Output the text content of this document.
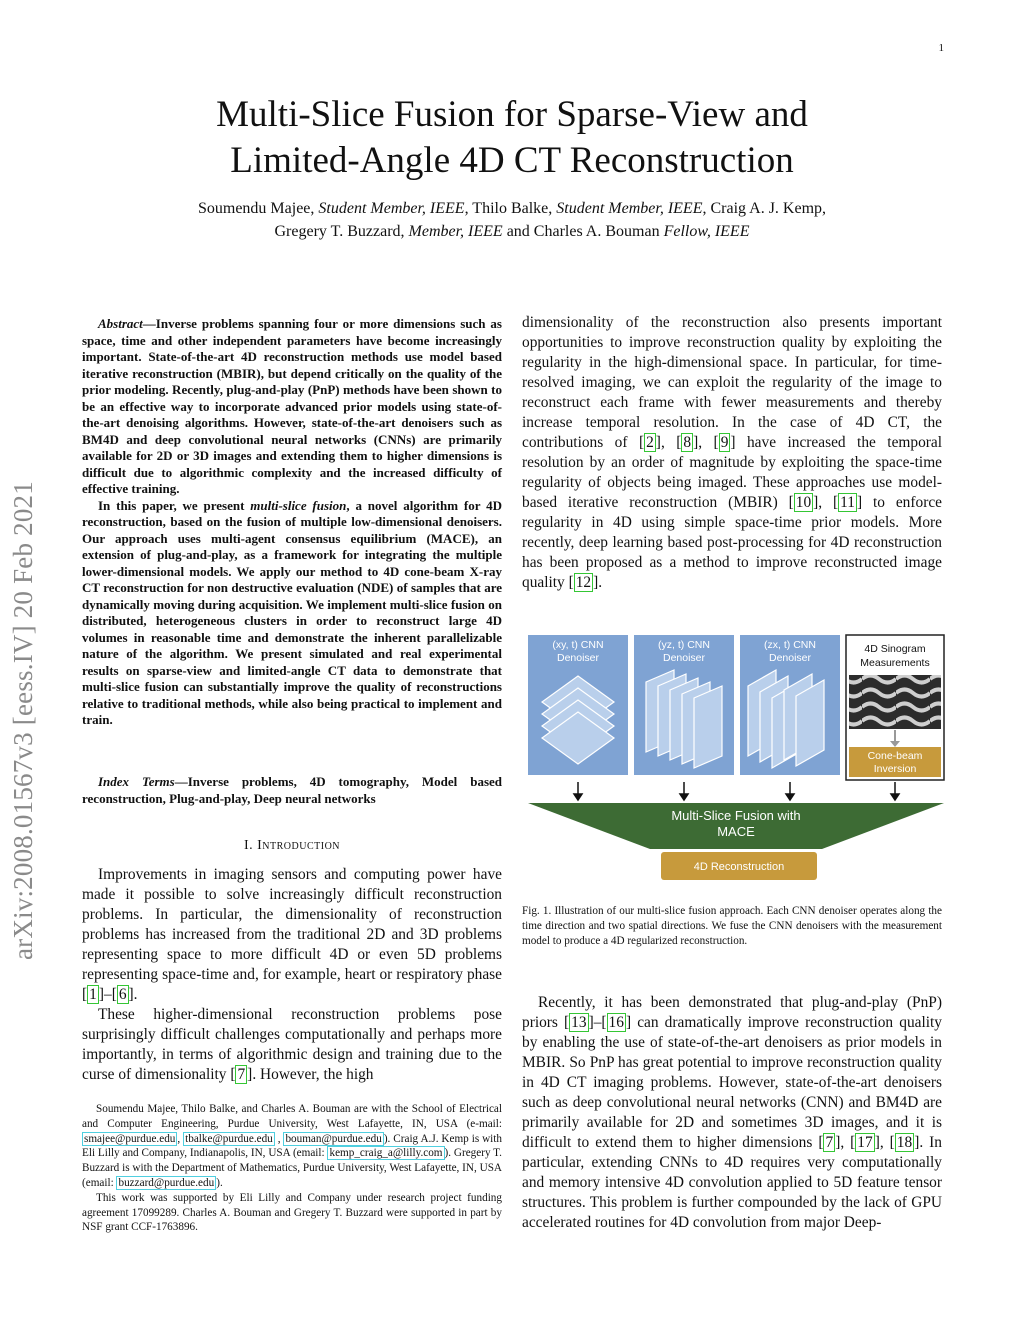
1
arXiv:2008.01567v3 [eess.IV] 20 Feb 2021
Multi-Slice Fusion for Sparse-View and
Limited-Angle 4D CT Reconstruction
Soumendu Majee, Student Member, IEEE, Thilo Balke, Student Member, IEEE, Craig A. J. Kemp,
Gregery T. Buzzard, Member, IEEE and Charles A. Bouman Fellow, IEEE

Abstract—Inverse problems spanning four or more dimensions such as space, time and other independent parameters have become increasingly important. State-of-the-art 4D reconstruction methods use model based iterative reconstruction (MBIR), but depend critically on the quality of the prior modeling. Recently, plug-and-play (PnP) methods have been shown to be an effective way to incorporate advanced prior models using state-of-the-art denoising algorithms. However, state-of-the-art denoisers such as BM4D and deep convolutional neural networks (CNNs) are primarily available for 2D or 3D images and extending them to higher dimensions is difficult due to algorithmic complexity and the increased difficulty of effective training.

In this paper, we present multi-slice fusion, a novel algorithm for 4D reconstruction, based on the fusion of multiple low-dimensional denoisers. Our approach uses multi-agent consensus equilibrium (MACE), an extension of plug-and-play, as a framework for integrating the multiple lower-dimensional models. We apply our method to 4D cone-beam X-ray CT reconstruction for non destructive evaluation (NDE) of samples that are dynamically moving during acquisition. We implement multi-slice fusion on distributed, heterogeneous clusters in order to reconstruct large 4D volumes in reasonable time and demonstrate the inherent parallelizable nature of the algorithm. We present simulated and real experimental results on sparse-view and limited-angle CT data to demonstrate that multi-slice fusion can substantially improve the quality of reconstructions relative to traditional methods, while also being practical to implement and train.

Index Terms—Inverse problems, 4D tomography, Model based reconstruction, Plug-and-play, Deep neural networks
I. Introduction

Improvements in imaging sensors and computing power have made it possible to solve increasingly difficult reconstruction problems. In particular, the dimensionality of reconstruction problems has increased from the traditional 2D and 3D problems representing space to more difficult 4D or even 5D problems representing space-time and, for example, heart or respiratory phase [ 1 ]–[ 6 ].

These higher-dimensional reconstruction problems pose surprisingly difficult challenges computationally and perhaps more importantly, in terms of algorithmic design and training due to the curse of dimensionality [ 7 ]. However, the high

Soumendu Majee, Thilo Balke, and Charles A. Bouman are with the School of Electrical and Computer Engineering, Purdue University, West Lafayette, IN, USA (e-mail: smajee@purdue.edu , tbalke@purdue.edu , bouman@purdue.edu ). Craig A.J. Kemp is with Eli Lilly and Company, Indianapolis, IN, USA (email: kemp_craig_a@lilly.com ). Gregery T. Buzzard is with the Department of Mathematics, Purdue University, West Lafayette, IN, USA (email: buzzard@purdue.edu ).

This work was supported by Eli Lilly and Company under research project funding agreement 17099289. Charles A. Bouman and Gregery T. Buzzard were supported in part by NSF grant CCF-1763896.

dimensionality of the reconstruction also presents important opportunities to improve reconstruction quality by exploiting the regularity in the high-dimensional space. In particular, for time-resolved imaging, we can exploit the regularity of the image to reconstruct each frame with fewer measurements and thereby increase temporal resolution. In the case of 4D CT, the contributions of [ 2 ], [ 8 ], [ 9 ] have increased the temporal resolution by an order of magnitude by exploiting the space-time regularity of objects being imaged. These approaches use model-based iterative reconstruction (MBIR) [ 10 ], [ 11 ] to enforce regularity in 4D using simple space-time prior models. More recently, deep learning based post-processing for 4D reconstruction has been proposed as a method to improve reconstructed image quality [ 12 ].
(xy, t) CNN
Denoiser
(yz, t) CNN
Denoiser
(zx, t) CNN
Denoiser
4D Sinogram
Measurements
Cone-beam
Inversion
Multi-Slice Fusion with
MACE
4D Reconstruction
Fig. 1. Illustration of our multi-slice fusion approach. Each CNN denoiser operates along the time direction and two spatial directions. We fuse the CNN denoisers with the measurement model to produce a 4D regularized reconstruction.

Recently, it has been demonstrated that plug-and-play (PnP) priors [ 13 ]–[ 16 ] can dramatically improve reconstruction quality by enabling the use of state-of-the-art denoisers as prior models in MBIR. So PnP has great potential to improve reconstruction quality in 4D CT imaging problems. However, state-of-the-art denoisers such as deep convolutional neural networks (CNN) and BM4D are primarily available for 2D and sometimes 3D images, and it is difficult to extend them to higher dimensions [ 7 ], [ 17 ], [ 18 ]. In particular, extending CNNs to 4D requires very computationally and memory intensive 4D convolution applied to 5D feature tensor structures. This problem is further compounded by the lack of GPU accelerated routines for 4D convolution from major Deep-
